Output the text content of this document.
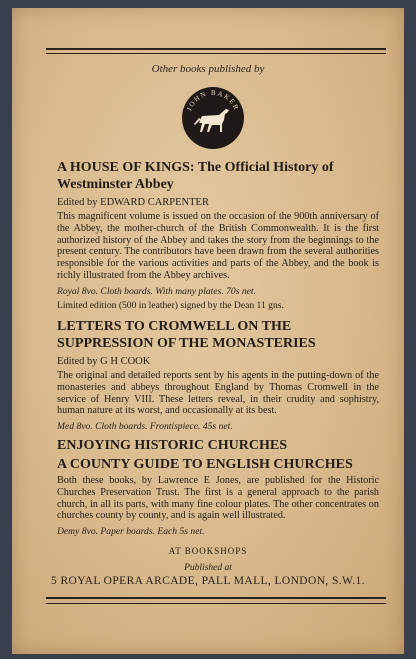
Other books published by
JOHN BAKER

A HOUSE OF KINGS: The Official History of Westminster Abbey

Edited by EDWARD CARPENTER
This magnificent volume is issued on the occasion of the 900th anniversary of the Abbey, the mother-church of the British Commonwealth. It is the first authorized history of the Abbey and takes the story from the beginnings to the present century. The contributors have been drawn from the several authorities responsible for the various activities and parts of the Abbey, and the book is richly illustrated from the Abbey archives.
Royal 8vo. Cloth boards. With many plates. 70s net.
Limited edition (500 in leather) signed by the Dean 11 gns.

LETTERS TO CROMWELL ON THE SUPPRESSION OF THE MONASTERIES

Edited by G H COOK
The original and detailed reports sent by his agents in the putting-down of the monasteries and abbeys throughout England by Thomas Cromwell in the service of Henry VIII. These letters reveal, in their crudity and sophistry, human nature at its worst, and occasionally at its best.
Med 8vo. Cloth boards. Frontispiece. 45s net.

ENJOYING HISTORIC CHURCHES

A COUNTY GUIDE TO ENGLISH CHURCHES

Both these books, by Lawrence E Jones, are published for the Historic Churches Preservation Trust. The first is a general approach to the parish church, in all its parts, with many fine colour plates. The other concentrates on churches county by county, and is again well illustrated.
Demy 8vo. Paper boards. Each 5s net.
AT BOOKSHOPS
Published at
5 ROYAL OPERA ARCADE, PALL MALL, LONDON, S.W.1.
